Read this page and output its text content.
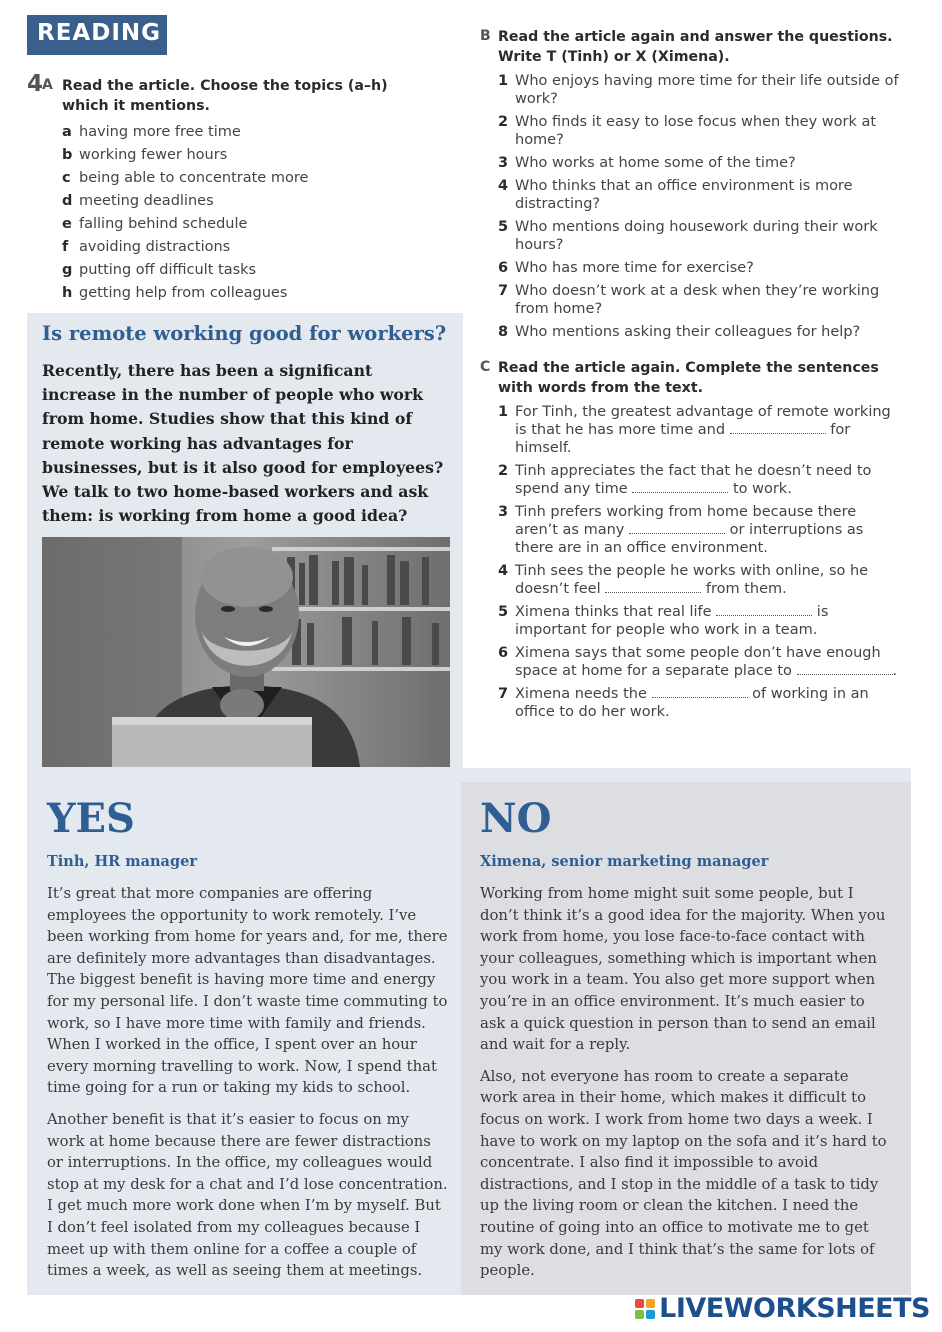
READING
4
A Read the article. Choose the topics (a–h) which it mentions.
a having more free time
b working fewer hours
c being able to concentrate more
d meeting deadlines
e falling behind schedule
f avoiding distractions
g putting off difficult tasks
h getting help from colleagues
Is remote working good for workers?
Recently, there has been a significant increase in the number of people who work from home. Studies show that this kind of remote working has advantages for businesses, but is it also good for employees? We talk to two home-based workers and ask them: is working from home a good idea?
B Read the article again and answer the questions. Write T (Tinh) or X (Ximena).
1 Who enjoys having more time for their life outside of work?
2 Who finds it easy to lose focus when they work at home?
3 Who works at home some of the time?
4 Who thinks that an office environment is more distracting?
5 Who mentions doing housework during their work hours?
6 Who has more time for exercise?
7 Who doesn’t work at a desk when they’re working from home?
8 Who mentions asking their colleagues for help?
C Read the article again. Complete the sentences with words from the text.
1 For Tinh, the greatest advantage of remote working is that he has more time and	for himself.
2 Tinh appreciates the fact that he doesn’t need to spend any time	to work.
3 Tinh prefers working from home because there aren’t as many	or interruptions as there are in an office environment.
4 Tinh sees the people he works with online, so he doesn’t feel	from them.
5 Ximena thinks that real life	is important for people who work in a team.
6 Ximena says that some people don’t have enough space at home for a separate place to	.
7 Ximena needs the	of working in an office to do her work.
YES
Tinh, HR manager

It’s great that more companies are offering employees the opportunity to work remotely. I’ve been working from home for years and, for me, there are definitely more advantages than disadvantages. The biggest benefit is having more time and energy for my personal life. I don’t waste time commuting to work, so I have more time with family and friends. When I worked in the office, I spent over an hour every morning travelling to work. Now, I spend that time going for a run or taking my kids to school.

Another benefit is that it’s easier to focus on my work at home because there are fewer distractions or interruptions. In the office, my colleagues would stop at my desk for a chat and I’d lose concentration. I get much more work done when I’m by myself. But I don’t feel isolated from my colleagues because I meet up with them online for a coffee a couple of times a week, as well as seeing them at meetings.

NO
Ximena, senior marketing manager

Working from home might suit some people, but I don’t think it’s a good idea for the majority. When you work from home, you lose face-to-face contact with your colleagues, something which is important when you work in a team. You also get more support when you’re in an office environment. It’s much easier to ask a quick question in person than to send an email and wait for a reply.

Also, not everyone has room to create a separate work area in their home, which makes it difficult to focus on work. I work from home two days a week. I have to work on my laptop on the sofa and it’s hard to concentrate. I also find it impossible to avoid distractions, and I stop in the middle of a task to tidy up the living room or clean the kitchen. I need the routine of going into an office to motivate me to get my work done, and I think that’s the same for lots of people.

LIVEWORKSHEETS
